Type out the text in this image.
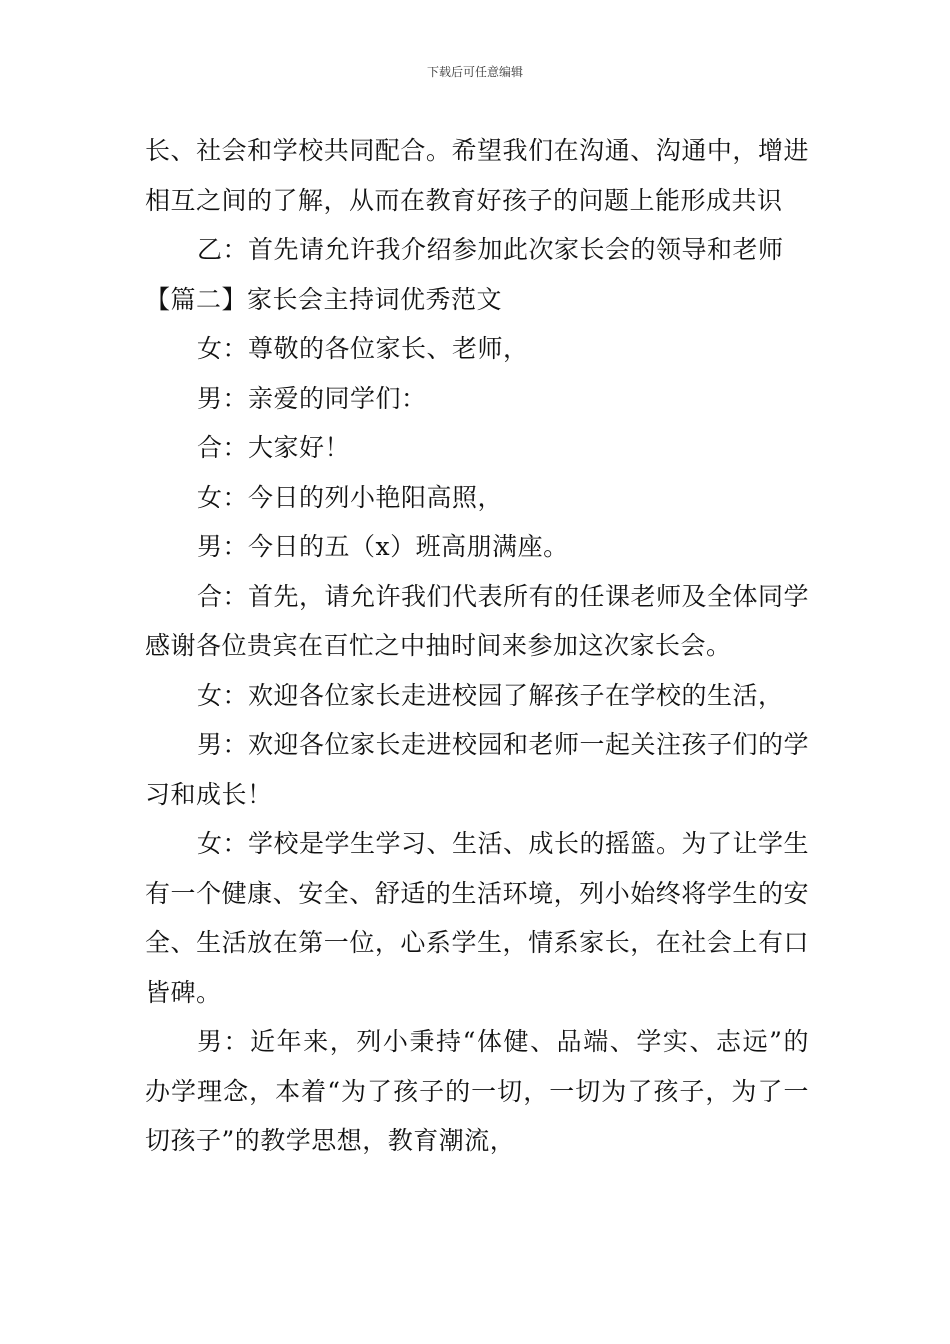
下载后可任意编辑

长、社会和学校共同配合。希望我们在沟通、沟通中，增进相互之间的了解，从而在教育好孩子的问题上能形成共识

乙：首先请允许我介绍参加此次家长会的领导和老师

【篇二】家长会主持词优秀范文

女：尊敬的各位家长、老师，

男：亲爱的同学们：

合：大家好！

女：今日的列小艳阳高照，

男：今日的五（x）班高朋满座。

合：首先，请允许我们代表所有的任课老师及全体同学感谢各位贵宾在百忙之中抽时间来参加这次家长会。

女：欢迎各位家长走进校园了解孩子在学校的生活，

男：欢迎各位家长走进校园和老师一起关注孩子们的学习和成长！

女：学校是学生学习、生活、成长的摇篮。为了让学生有一个健康、安全、舒适的生活环境，列小始终将学生的安全、生活放在第一位，心系学生，情系家长，在社会上有口皆碑。

男：近年来，列小秉持“体健、品端、学实、志远”的办学理念，本着“为了孩子的一切，一切为了孩子，为了一切孩子”的教学思想，教育潮流，
